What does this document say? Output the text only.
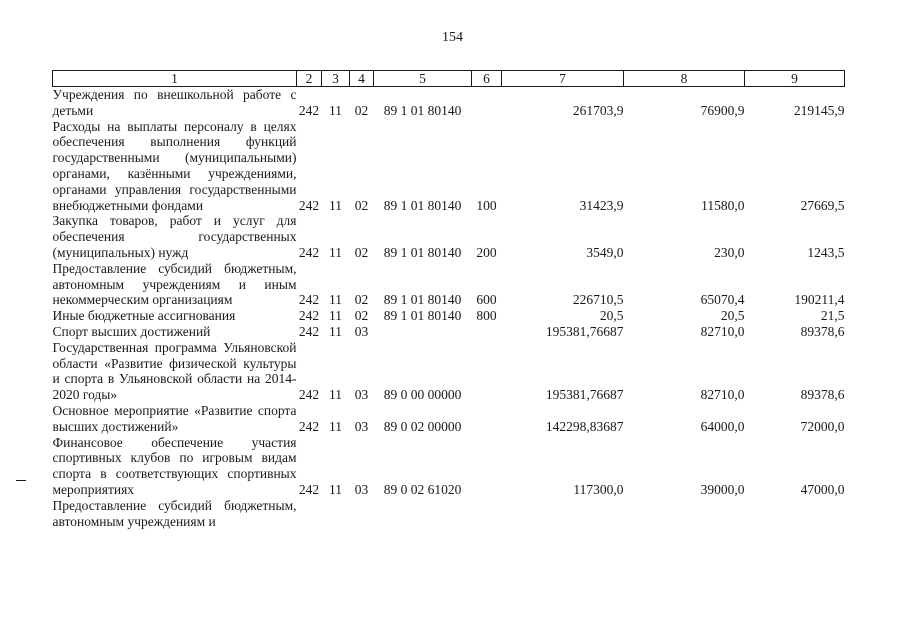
154
1	2	3	4	5	6	7	8	9
Учреждения по внешкольной работе с детьми	242	11	02	89 1 01 80140		261703,9	76900,9	219145,9
Расходы на выплаты персоналу в целях обеспечения выполнения функций государственными (муниципальными) органами, казёнными учреждениями, органами управления государственными внебюджетными фондами	242	11	02	89 1 01 80140	100	31423,9	11580,0	27669,5
Закупка товаров, работ и услуг для обеспечения государственных (муниципальных) нужд	242	11	02	89 1 01 80140	200	3549,0	230,0	1243,5
Предоставление субсидий бюджетным, автономным учреждениям и иным некоммерческим организациям	242	11	02	89 1 01 80140	600	226710,5	65070,4	190211,4
Иные бюджетные ассигнования	242	11	02	89 1 01 80140	800	20,5	20,5	21,5
Спорт высших достижений	242	11	03			195381,76687	82710,0	89378,6
Государственная программа Ульяновской области «Развитие физической культуры и спорта в Ульяновской области на 2014-2020 годы»	242	11	03	89 0 00 00000		195381,76687	82710,0	89378,6
Основное мероприятие «Развитие спорта высших достижений»	242	11	03	89 0 02 00000		142298,83687	64000,0	72000,0
Финансовое обеспечение участия спортивных клубов по игровым видам спорта в соответствующих спортивных мероприятиях	242	11	03	89 0 02 61020		117300,0	39000,0	47000,0
Предоставление субсидий бюджетным, автономным учреждениям и								
